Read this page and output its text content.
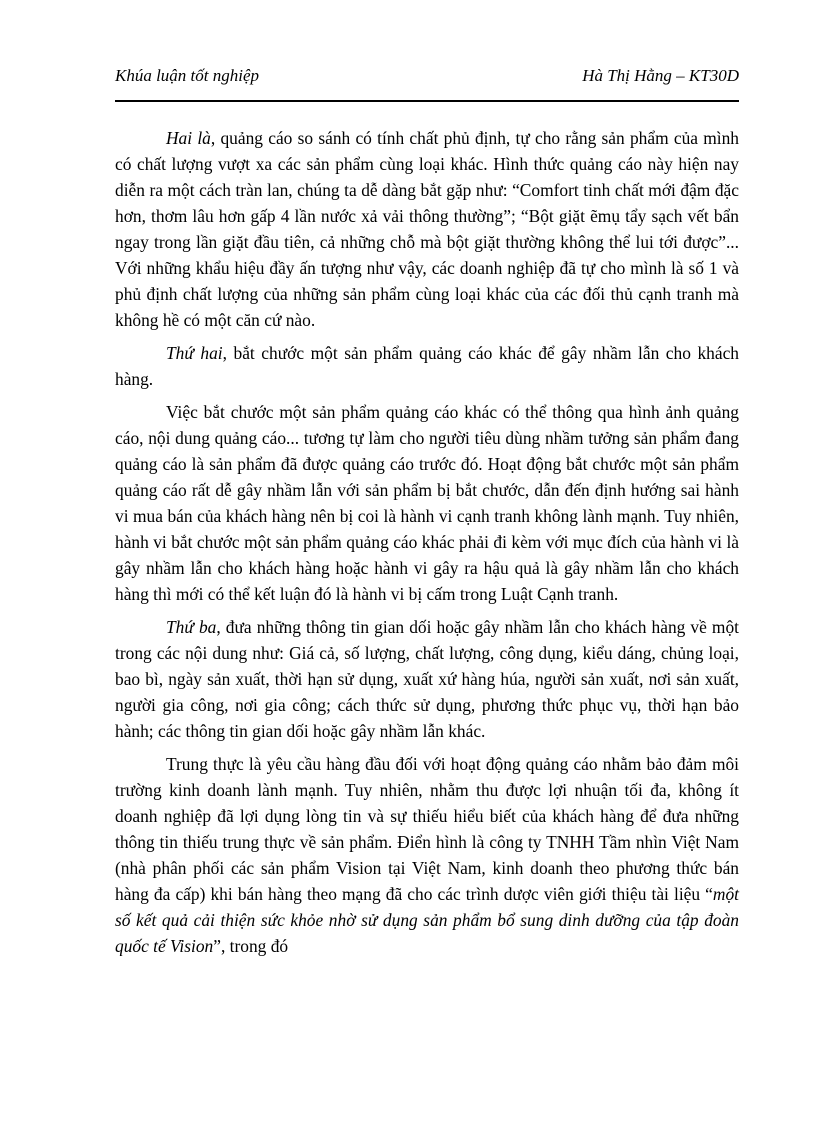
Khúa luận tốt nghiệp	Hà Thị Hằng – KT30D

Hai là, quảng cáo so sánh có tính chất phủ định, tự cho rằng sản phẩm của mình có chất lượng vượt xa các sản phẩm cùng loại khác. Hình thức quảng cáo này hiện nay diễn ra một cách tràn lan, chúng ta dễ dàng bắt gặp như: “Comfort tinh chất mới đậm đặc hơn, thơm lâu hơn gấp 4 lần nước xả vải thông thường”; “Bột giặt ẽmụ tẩy sạch vết bẩn ngay trong lần giặt đầu tiên, cả những chỗ mà bột giặt thường không thể lui tới được”... Với những khẩu hiệu đầy ấn tượng như vậy, các doanh nghiệp đã tự cho mình là số 1 và phủ định chất lượng của những sản phẩm cùng loại khác của các đối thủ cạnh tranh mà không hề có một căn cứ nào.

Thứ hai, bắt chước một sản phẩm quảng cáo khác để gây nhầm lẫn cho khách hàng.

Việc bắt chước một sản phẩm quảng cáo khác có thể thông qua hình ảnh quảng cáo, nội dung quảng cáo... tương tự làm cho người tiêu dùng nhầm tưởng sản phẩm đang quảng cáo là sản phẩm đã được quảng cáo trước đó. Hoạt động bắt chước một sản phẩm quảng cáo rất dễ gây nhầm lẫn với sản phẩm bị bắt chước, dẫn đến định hướng sai hành vi mua bán của khách hàng nên bị coi là hành vi cạnh tranh không lành mạnh. Tuy nhiên, hành vi bắt chước một sản phẩm quảng cáo khác phải đi kèm với mục đích của hành vi là gây nhầm lẫn cho khách hàng hoặc hành vi gây ra hậu quả là gây nhầm lẫn cho khách hàng thì mới có thể kết luận đó là hành vi bị cấm trong Luật Cạnh tranh.

Thứ ba, đưa những thông tin gian dối hoặc gây nhầm lẫn cho khách hàng về một trong các nội dung như: Giá cả, số lượng, chất lượng, công dụng, kiểu dáng, chủng loại, bao bì, ngày sản xuất, thời hạn sử dụng, xuất xứ hàng húa, người sản xuất, nơi sản xuất, người gia công, nơi gia công; cách thức sử dụng, phương thức phục vụ, thời hạn bảo hành; các thông tin gian dối hoặc gây nhầm lẫn khác.

Trung thực là yêu cầu hàng đầu đối với hoạt động quảng cáo nhằm bảo đảm môi trường kinh doanh lành mạnh. Tuy nhiên, nhằm thu được lợi nhuận tối đa, không ít doanh nghiệp đã lợi dụng lòng tin và sự thiếu hiểu biết của khách hàng để đưa những thông tin thiếu trung thực về sản phẩm. Điển hình là công ty TNHH Tầm nhìn Việt Nam (nhà phân phối các sản phẩm Vision tại Việt Nam, kinh doanh theo phương thức bán hàng đa cấp) khi bán hàng theo mạng đã cho các trình dược viên giới thiệu tài liệu “một số kết quả cải thiện sức khỏe nhờ sử dụng sản phẩm bổ sung dinh dưỡng của tập đoàn quốc tế Vision”, trong đó
